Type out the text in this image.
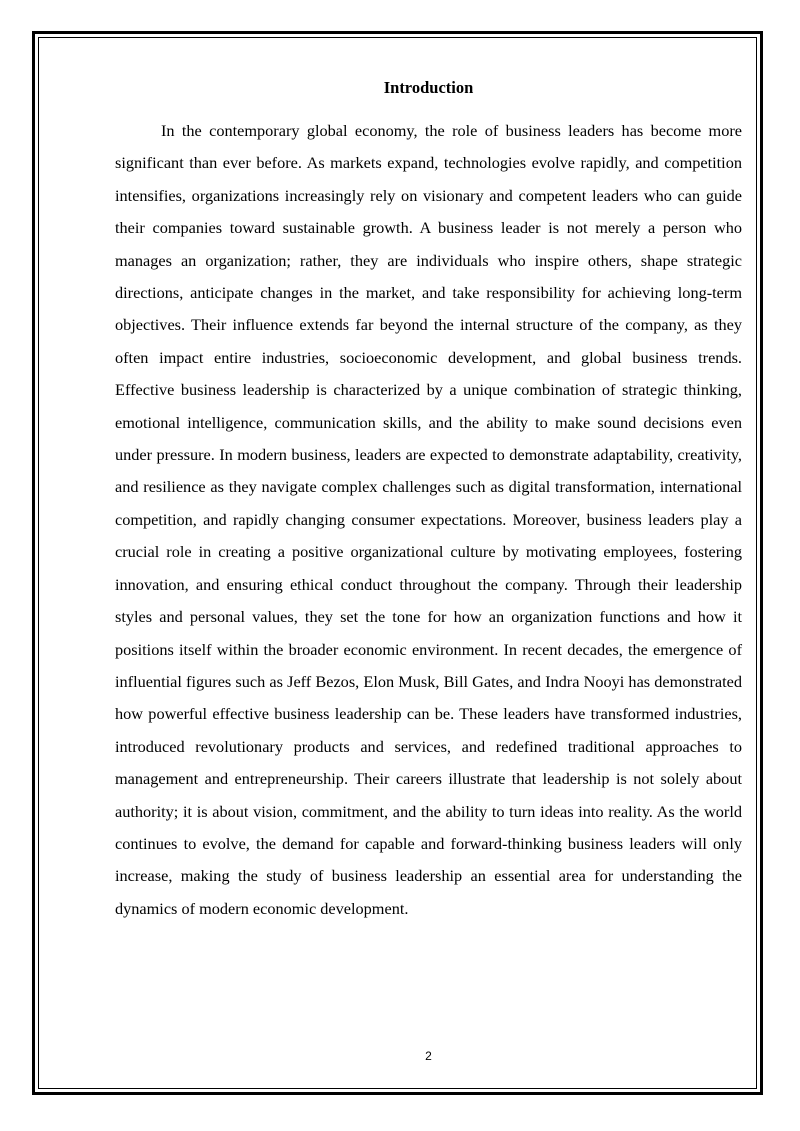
Introduction

In the contemporary global economy, the role of business leaders has become more significant than ever before. As markets expand, technologies evolve rapidly, and competition intensifies, organizations increasingly rely on visionary and competent leaders who can guide their companies toward sustainable growth. A business leader is not merely a person who manages an organization; rather, they are individuals who inspire others, shape strategic directions, anticipate changes in the market, and take responsibility for achieving long-term objectives. Their influence extends far beyond the internal structure of the company, as they often impact entire industries, socioeconomic development, and global business trends. Effective business leadership is characterized by a unique combination of strategic thinking, emotional intelligence, communication skills, and the ability to make sound decisions even under pressure. In modern business, leaders are expected to demonstrate adaptability, creativity, and resilience as they navigate complex challenges such as digital transformation, international competition, and rapidly changing consumer expectations. Moreover, business leaders play a crucial role in creating a positive organizational culture by motivating employees, fostering innovation, and ensuring ethical conduct throughout the company. Through their leadership styles and personal values, they set the tone for how an organization functions and how it positions itself within the broader economic environment. In recent decades, the emergence of influential figures such as Jeff Bezos, Elon Musk, Bill Gates, and Indra Nooyi has demonstrated how powerful effective business leadership can be. These leaders have transformed industries, introduced revolutionary products and services, and redefined traditional approaches to management and entrepreneurship. Their careers illustrate that leadership is not solely about authority; it is about vision, commitment, and the ability to turn ideas into reality. As the world continues to evolve, the demand for capable and forward-thinking business leaders will only increase, making the study of business leadership an essential area for understanding the dynamics of modern economic development.

2
